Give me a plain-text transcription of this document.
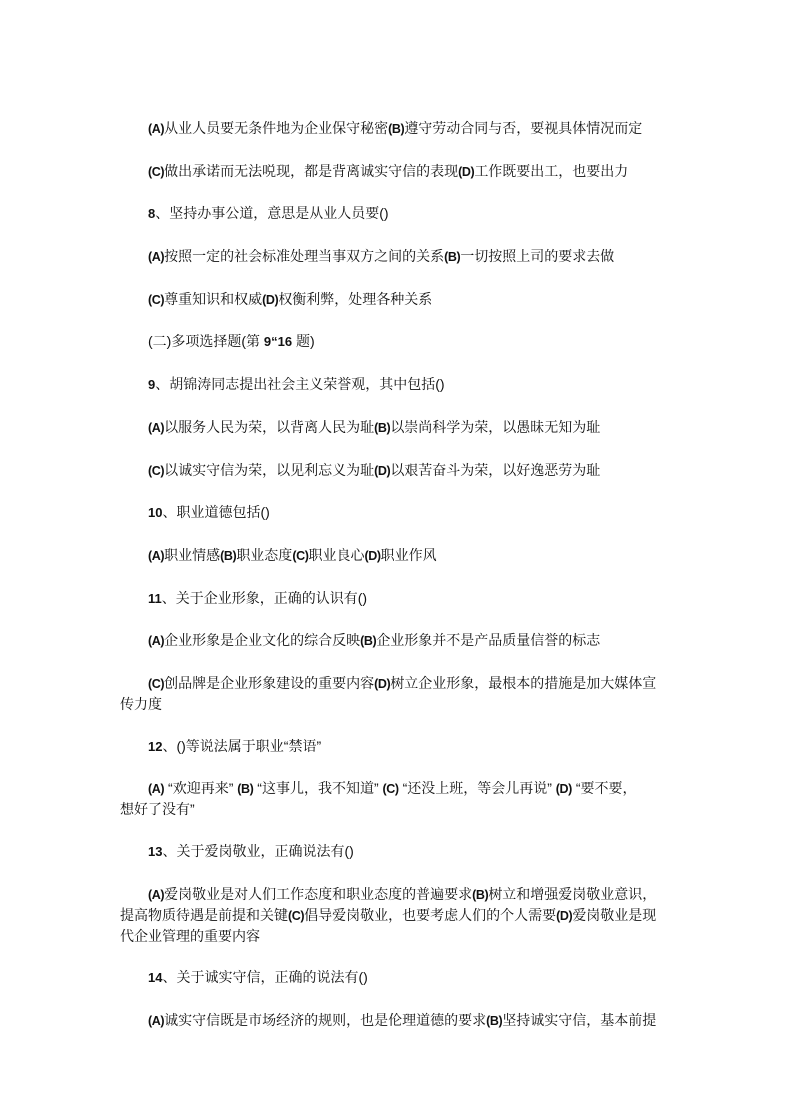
(A)从业人员要无条件地为企业保守秘密(B)遵守劳动合同与否，要视具体情况而定

(C)做出承诺而无法哾现，都是背离诚实守信的表现(D)工作既要出工，也要出力

8、坚持办事公道，意思是从业人员要()

(A)按照一定的社会标准处理当事双方之间的关系(B)一切按照上司的要求去做

(C)尊重知识和权威(D)权衡利弊，处理各种关系

(二)多项选择题(第 9“16 题)

9、胡锦涛同志提出社会主义荣誉观，其中包括()

(A)以服务人民为荣，以背离人民为耻(B)以崇尚科学为荣，以愚昧无知为耻

(C)以诚实守信为荣，以见利忘义为耻(D)以艰苦奋斗为荣，以好逸恶劳为耻

10、职业道德包括()

(A)职业情感(B)职业态度(C)职业良心(D)职业作风

11、关于企业形象，正确的认识有()

(A)企业形象是企业文化的综合反映(B)企业形象并不是产品质量信誉的标志

(C)创品牌是企业形象建设的重要内容(D)树立企业形象，最根本的措施是加大媒体宣
传力度

12、()等说法属于职业“禁语”

(A) “欢迎再来” (B) “这事儿，我不知道” (C) “还没上班，等会儿再说” (D) “要不要，
想好了没有”

13、关于爱岗敬业，正确说法有()

(A)爱岗敬业是对人们工作态度和职业态度的普遍要求(B)树立和增强爱岗敬业意识，
提高物质待遇是前提和关键(C)倡导爱岗敬业，也要考虑人们的个人需要(D)爱岗敬业是现
代企业管理的重要内容

14、关于诚实守信，正确的说法有()

(A)诚实守信既是市场经济的规则，也是伦理道德的要求(B)坚持诚实守信，基本前提
